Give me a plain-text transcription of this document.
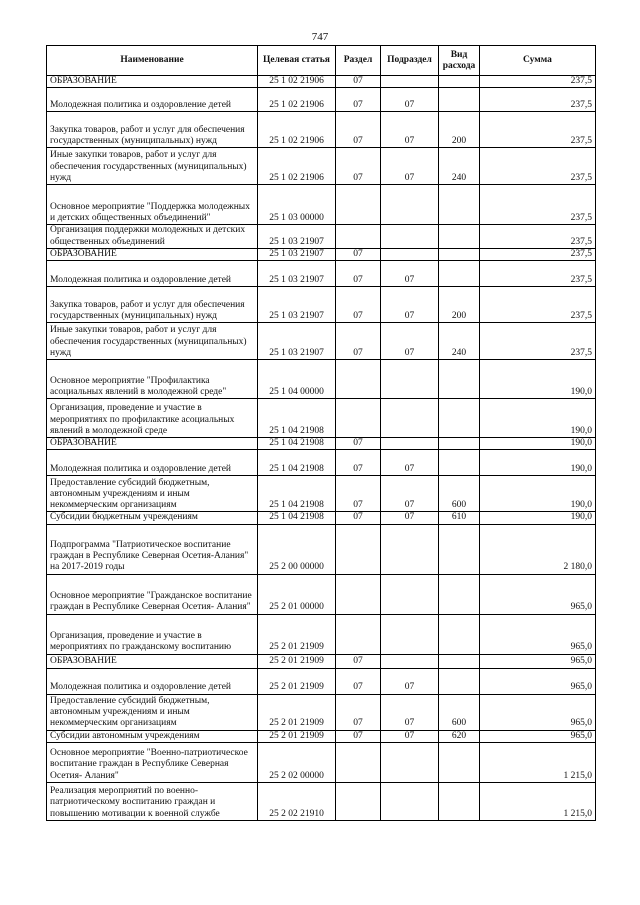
747
Наименование	Целевая статья	Раздел	Подраздел	Вид расхода	Сумма
ОБРАЗОВАНИЕ	25 1 02 21906	07			237,5
Молодежная политика и оздоровление детей	25 1 02 21906	07	07		237,5
Закупка товаров, работ и услуг для обеспечения государственных (муниципальных) нужд	25 1 02 21906	07	07	200	237,5
Иные закупки товаров, работ и услуг для обеспечения государственных (муниципальных) нужд	25 1 02 21906	07	07	240	237,5
Основное мероприятие "Поддержка молодежных и детских общественных объединений"	25 1 03 00000				237,5
Организация поддержки молодежных и детских общественных объединений	25 1 03 21907				237,5
ОБРАЗОВАНИЕ	25 1 03 21907	07			237,5
Молодежная политика и оздоровление детей	25 1 03 21907	07	07		237,5
Закупка товаров, работ и услуг для обеспечения государственных (муниципальных) нужд	25 1 03 21907	07	07	200	237,5
Иные закупки товаров, работ и услуг для обеспечения государственных (муниципальных) нужд	25 1 03 21907	07	07	240	237,5
Основное мероприятие "Профилактика асоциальных явлений в молодежной среде"	25 1 04 00000				190,0
Организация, проведение и участие в мероприятиях по профилактике асоциальных явлений в молодежной среде	25 1 04 21908				190,0
ОБРАЗОВАНИЕ	25 1 04 21908	07			190,0
Молодежная политика и оздоровление детей	25 1 04 21908	07	07		190,0
Предоставление субсидий бюджетным, автономным учреждениям и иным некоммерческим организациям	25 1 04 21908	07	07	600	190,0
Субсидии бюджетным учреждениям	25 1 04 21908	07	07	610	190,0
Подпрограмма "Патриотическое воспитание граждан в Республике Северная Осетия-Алания" на 2017-2019 годы	25 2 00 00000				2 180,0
Основное мероприятие "Гражданское воспитание граждан в Республике Северная Осетия- Алания"	25 2 01 00000				965,0
Организация, проведение и участие в мероприятиях по гражданскому воспитанию	25 2 01 21909				965,0
ОБРАЗОВАНИЕ	25 2 01 21909	07			965,0
Молодежная политика и оздоровление детей	25 2 01 21909	07	07		965,0
Предоставление субсидий бюджетным, автономным учреждениям и иным некоммерческим организациям	25 2 01 21909	07	07	600	965,0
Субсидии автономным учреждениям	25 2 01 21909	07	07	620	965,0
Основное мероприятие "Военно-патриотическое воспитание граждан в Республике Северная Осетия- Алания"	25 2 02 00000				1 215,0
Реализация мероприятий по военно-патриотическому воспитанию граждан и повышению мотивации к военной службе	25 2 02 21910				1 215,0
